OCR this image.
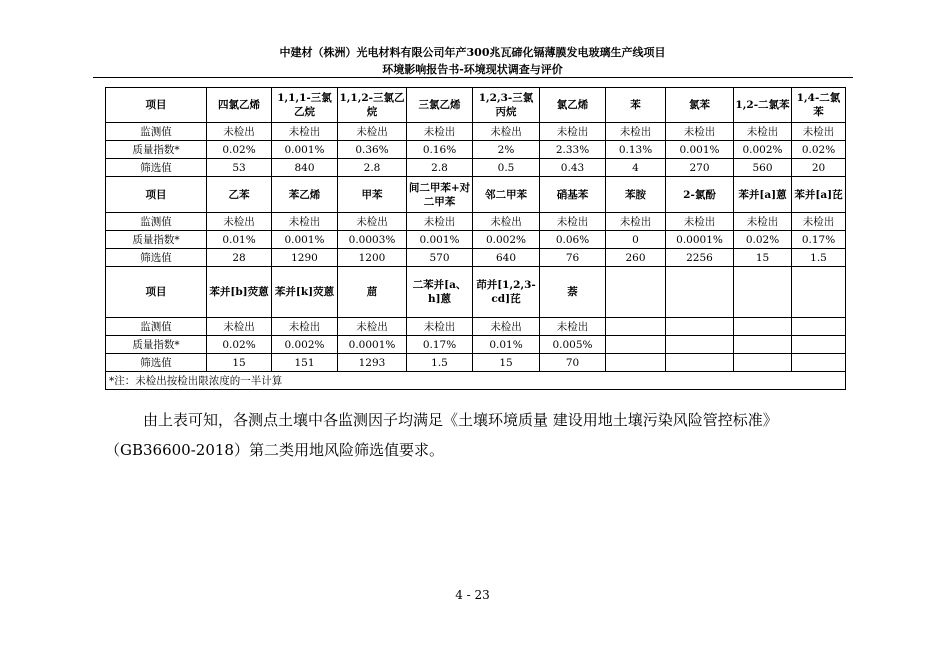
中建材（株洲）光电材料有限公司年产300兆瓦碲化镉薄膜发电玻璃生产线项目
环境影响报告书-环境现状调查与评价
项目	四氯乙烯	1,1,1-三氯乙烷	1,1,2-三氯乙烷	三氯乙烯	1,2,3-三氯丙烷	氯乙烯	苯	氯苯	1,2-二氯苯	1,4-二氯苯
监测值	未检出	未检出	未检出	未检出	未检出	未检出	未检出	未检出	未检出	未检出
质量指数*	0.02%	0.001%	0.36%	0.16%	2%	2.33%	0.13%	0.001%	0.002%	0.02%
筛选值	53	840	2.8	2.8	0.5	0.43	4	270	560	20
项目	乙苯	苯乙烯	甲苯	间二甲苯+对二甲苯	邻二甲苯	硝基苯	苯胺	2-氯酚	苯并[a]蒽	苯并[a]芘
监测值	未检出	未检出	未检出	未检出	未检出	未检出	未检出	未检出	未检出	未检出
质量指数*	0.01%	0.001%	0.0003%	0.001%	0.002%	0.06%	0	0.0001%	0.02%	0.17%
筛选值	28	1290	1200	570	640	76	260	2256	15	1.5
项目	苯并[b]荧蒽	苯并[k]荧蒽	䓛	二苯并[a、h]蒽	茚并[1,2,3-cd]芘	萘				
监测值	未检出	未检出	未检出	未检出	未检出	未检出				
质量指数*	0.02%	0.002%	0.0001%	0.17%	0.01%	0.005%				
筛选值	15	151	1293	1.5	15	70				
*注：未检出按检出限浓度的一半计算										
由上表可知，各测点土壤中各监测因子均满足《土壤环境质量 建设用地土壤污染风险管控标准》
（GB36600-2018）第二类用地风险筛选值要求。
4 - 23
